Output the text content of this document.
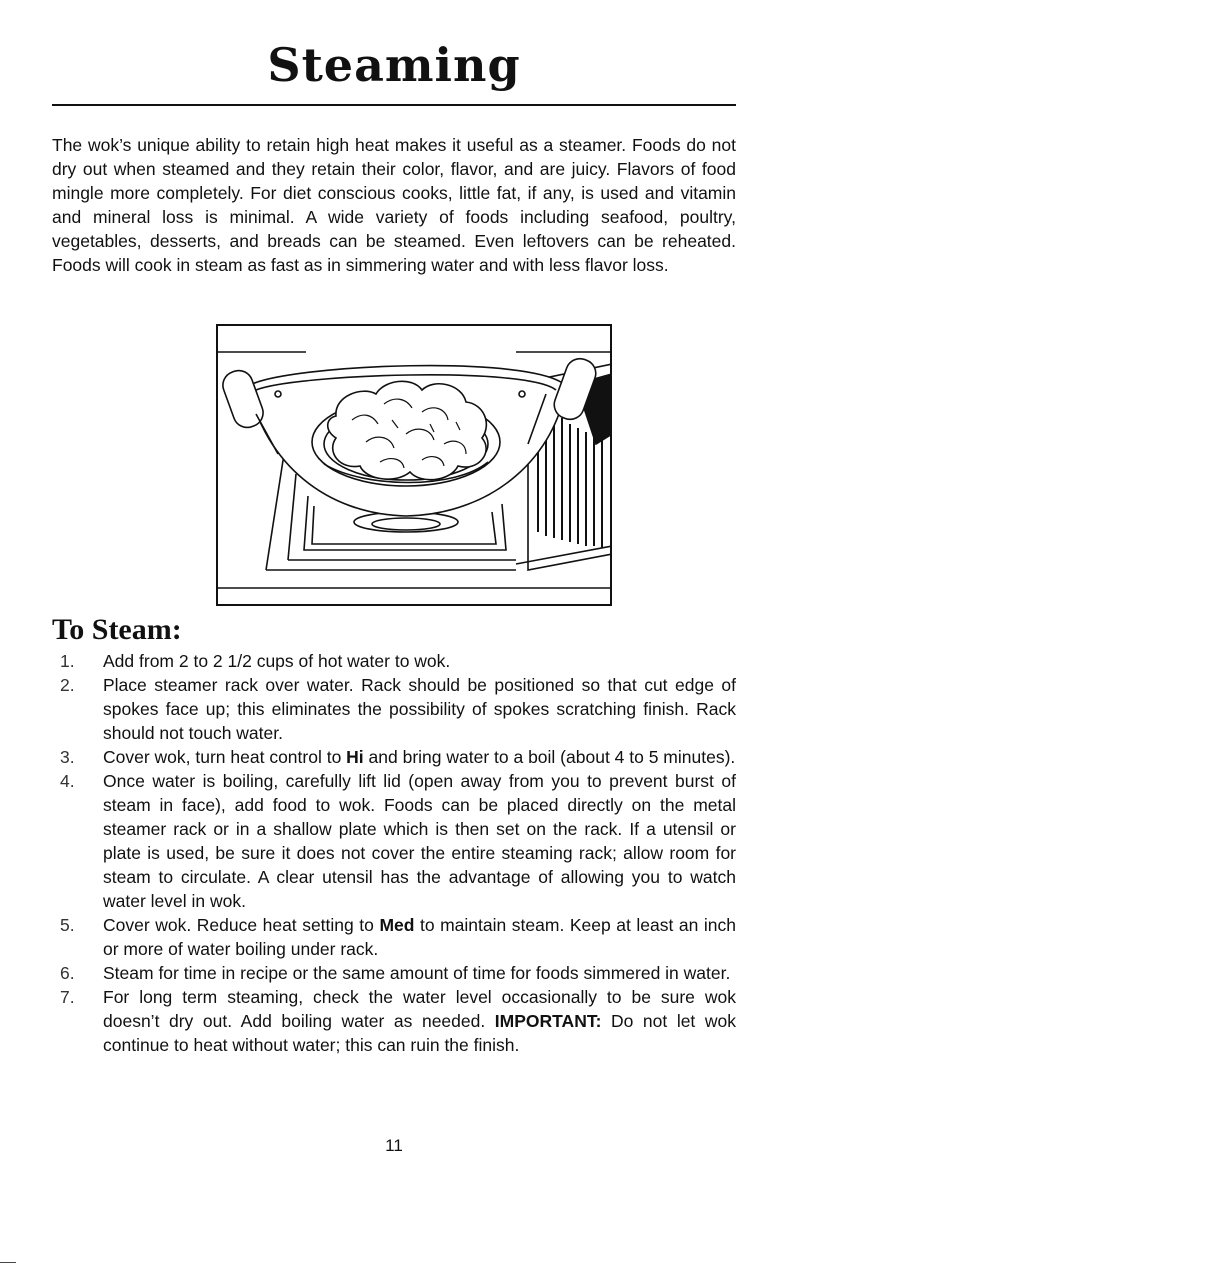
Steaming

The wok’s unique ability to retain high heat makes it useful as a steamer. Foods do not dry out when steamed and they retain their color, flavor, and are juicy. Flavors of food mingle more completely. For diet conscious cooks, little fat, if any, is used and vitamin and mineral loss is minimal. A wide variety of foods including seafood, poultry, vegetables, desserts, and breads can be steamed. Even leftovers can be reheated. Foods will cook in steam as fast as in simmering water and with less flavor loss.

To Steam:
1.	Add from 2 to 2 1/2 cups of hot water to wok.
2.	Place steamer rack over water. Rack should be positioned so that cut edge of spokes face up; this eliminates the possibility of spokes scratching finish. Rack should not touch water.
3.	Cover wok, turn heat control to Hi and bring water to a boil (about 4 to 5 minutes).
4.	Once water is boiling, carefully lift lid (open away from you to prevent burst of steam in face), add food to wok. Foods can be placed directly on the metal steamer rack or in a shallow plate which is then set on the rack. If a utensil or plate is used, be sure it does not cover the entire steaming rack; allow room for steam to circulate. A clear utensil has the advantage of allowing you to watch water level in wok.
5.	Cover wok. Reduce heat setting to Med to maintain steam. Keep at least an inch or more of water boiling under rack.
6.	Steam for time in recipe or the same amount of time for foods simmered in water.
7.	For long term steaming, check the water level occasionally to be sure wok doesn’t dry out. Add boiling water as needed. IMPORTANT: Do not let wok continue to heat without water; this can ruin the finish.

11
